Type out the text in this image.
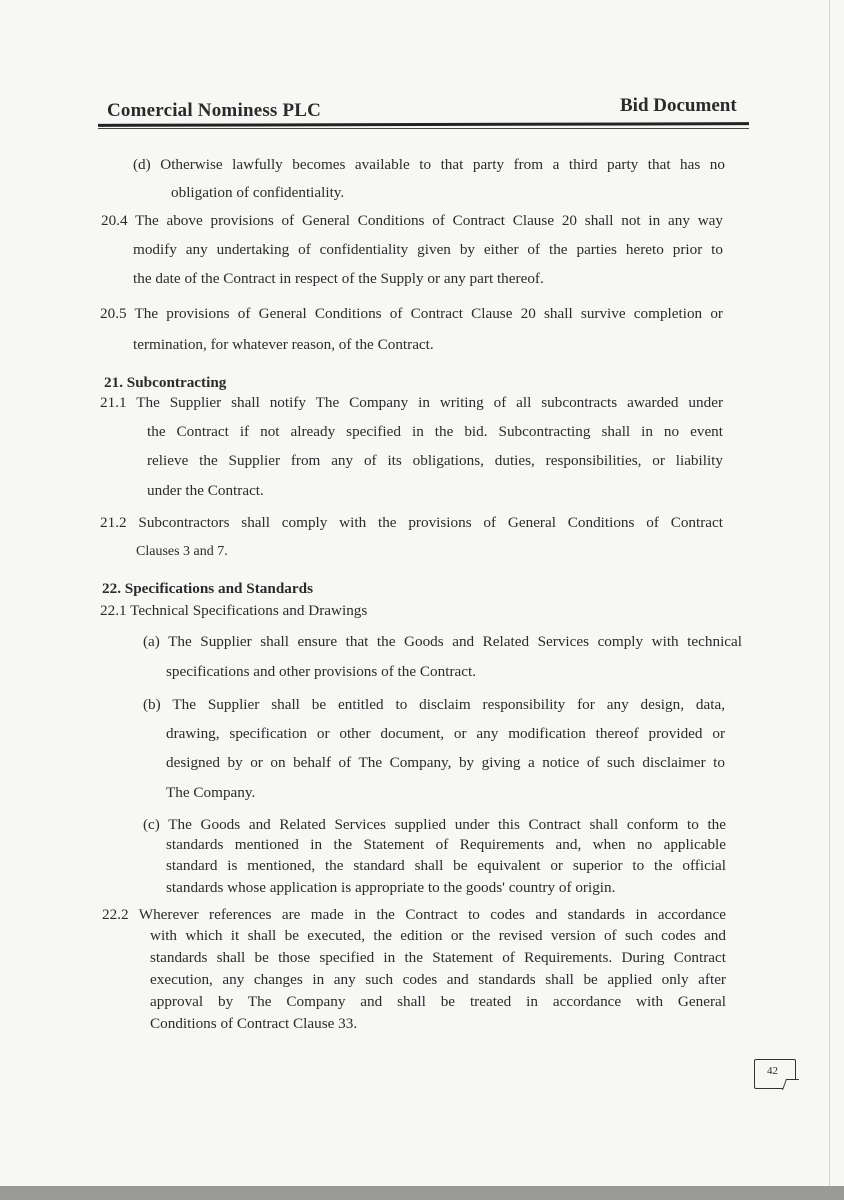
Comercial Nominess PLC	Bid Document
(d) Otherwise lawfully becomes available to that party from a third party that has no
obligation of confidentiality.
20.4 The above provisions of General Conditions of Contract Clause 20 shall not in any way
modify any undertaking of confidentiality given by either of the parties hereto prior to
the date of the Contract in respect of the Supply or any part thereof.
20.5 The provisions of General Conditions of Contract Clause 20 shall survive completion or
termination, for whatever reason, of the Contract.
21. Subcontracting
21.1 The Supplier shall notify The Company in writing of all subcontracts awarded under
the Contract if not already specified in the bid. Subcontracting shall in no event
relieve the Supplier from any of its obligations, duties, responsibilities, or liability
under the Contract.
21.2 Subcontractors shall comply with the provisions of General Conditions of Contract
Clauses 3 and 7.
22. Specifications and Standards
22.1 Technical Specifications and Drawings
(a) The Supplier shall ensure that the Goods and Related Services comply with technical
specifications and other provisions of the Contract.
(b) The Supplier shall be entitled to disclaim responsibility for any design, data,
drawing, specification or other document, or any modification thereof provided or
designed by or on behalf of The Company, by giving a notice of such disclaimer to
The Company.
(c) The Goods and Related Services supplied under this Contract shall conform to the
standards mentioned in the Statement of Requirements and, when no applicable
standard is mentioned, the standard shall be equivalent or superior to the official
standards whose application is appropriate to the goods' country of origin.
22.2 Wherever references are made in the Contract to codes and standards in accordance
with which it shall be executed, the edition or the revised version of such codes and
standards shall be those specified in the Statement of Requirements. During Contract
execution, any changes in any such codes and standards shall be applied only after
approval by The Company and shall be treated in accordance with General
Conditions of Contract Clause 33.
42
